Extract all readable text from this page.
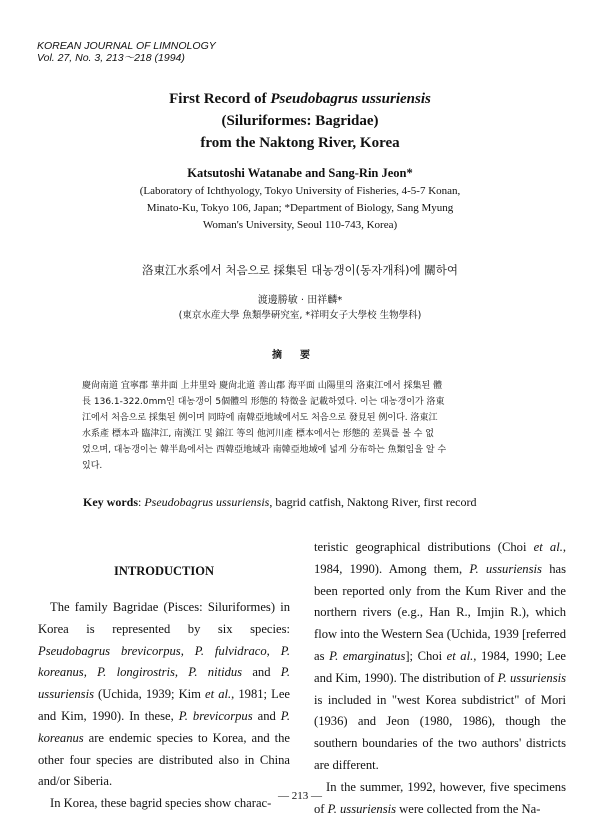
KOREAN JOURNAL OF LIMNOLOGY
Vol. 27, No. 3, 213～218 (1994)
First Record of Pseudobagrus ussuriensis
(Siluriformes: Bagridae)
from the Naktong River, Korea
Katsutoshi Watanabe and Sang-Rin Jeon*
(Laboratory of Ichthyology, Tokyo University of Fisheries, 4-5-7 Konan,
Minato-Ku, Tokyo 106, Japan; *Department of Biology, Sang Myung
Woman's University, Seoul 110-743, Korea)
洛東江水系에서 처음으로 採集된 대농갱이(동자개科)에 關하여
渡邊勝敏 · 田祥麟*
(東京水産大學 魚類學硏究室, *祥明女子大學校 生物學科)
摘要

慶尙南道 宜寧郡 華井面 上井里와 慶尙北道 善山郡 海平面 山陽里의 洛東江에서 採集된 體

長 136.1-322.0mm인 대농갱이 5個體의 形態的 特徵을 記載하였다. 이는 대농갱이가 洛東

江에서 처음으로 採集된 例이며 同時에 南韓亞地域에서도 처음으로 發見된 例이다. 洛東江

水系產 標本과 臨津江, 南漢江 및 錦江 等의 他河川產 標本에서는 形態的 差異를 볼 수 없

었으며, 대농갱이는 韓半島에서는 西韓亞地域과 南韓亞地域에 넓게 分布하는 魚類임을 알 수

있다.

Key words: Pseudobagrus ussuriensis, bagrid catfish, Naktong River, first record

INTRODUCTION

The family Bagridae (Pisces: Siluriformes) in Korea is represented by six species: Pseudobagrus brevicorpus, P. fulvidraco, P. koreanus, P. longirostris, P. nitidus and P. ussuriensis (Uchida, 1939; Kim et al., 1981; Lee and Kim, 1990). In these, P. brevicorpus and P. koreanus are endemic species to Korea, and the other four species are distributed also in China and/or Siberia.

In Korea, these bagrid species show charac-

teristic geographical distributions (Choi et al., 1984, 1990). Among them, P. ussuriensis has been reported only from the Kum River and the northern rivers (e.g., Han R., Imjin R.), which flow into the Western Sea (Uchida, 1939 [referred as P. emarginatus]; Choi et al., 1984, 1990; Lee and Kim, 1990). The distribution of P. ussuriensis is included in "west Korea subdistrict" of Mori (1936) and Jeon (1980, 1986), though the southern boundaries of the two authors' districts are different.

In the summer, 1992, however, five specimens of P. ussuriensis were collected from the Na-

— 213 —
